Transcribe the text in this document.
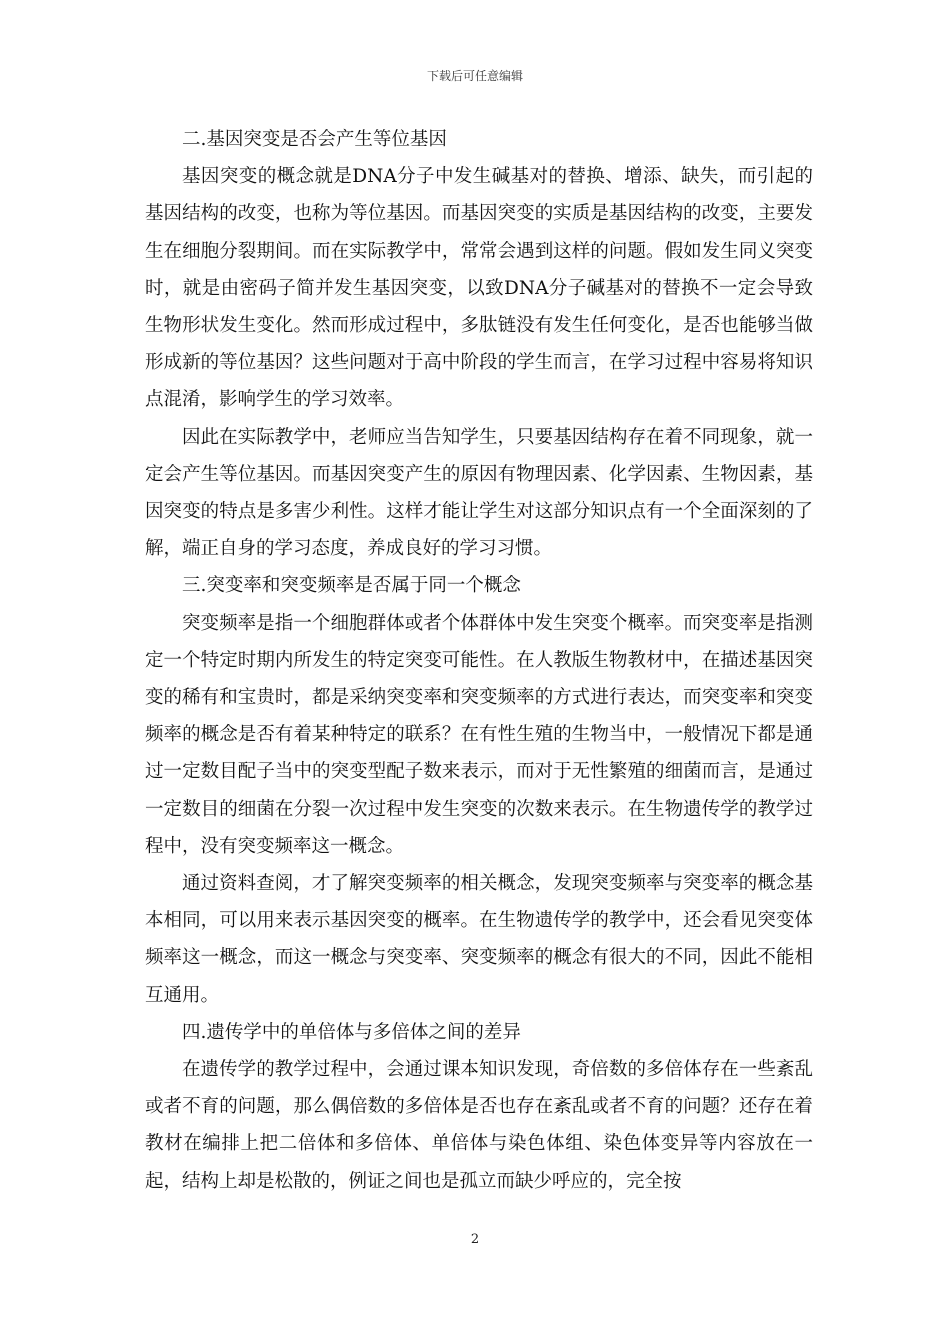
下载后可任意编辑

二.基因突变是否会产生等位基因

基因突变的概念就是DNA分子中发生碱基对的替换、增添、缺失，而引起的基因结构的改变，也称为等位基因。而基因突变的实质是基因结构的改变，主要发生在细胞分裂期间。而在实际教学中，常常会遇到这样的问题。假如发生同义突变时，就是由密码子简并发生基因突变，以致DNA分子碱基对的替换不一定会导致生物形状发生变化。然而形成过程中，多肽链没有发生任何变化，是否也能够当做形成新的等位基因？这些问题对于高中阶段的学生而言，在学习过程中容易将知识点混淆，影响学生的学习效率。

因此在实际教学中，老师应当告知学生，只要基因结构存在着不同现象，就一定会产生等位基因。而基因突变产生的原因有物理因素、化学因素、生物因素，基因突变的特点是多害少利性。这样才能让学生对这部分知识点有一个全面深刻的了解，端正自身的学习态度，养成良好的学习习惯。

三.突变率和突变频率是否属于同一个概念

突变频率是指一个细胞群体或者个体群体中发生突变个概率。而突变率是指测定一个特定时期内所发生的特定突变可能性。在人教版生物教材中，在描述基因突变的稀有和宝贵时，都是采纳突变率和突变频率的方式进行表达，而突变率和突变频率的概念是否有着某种特定的联系？在有性生殖的生物当中，一般情况下都是通过一定数目配子当中的突变型配子数来表示，而对于无性繁殖的细菌而言，是通过一定数目的细菌在分裂一次过程中发生突变的次数来表示。在生物遗传学的教学过程中，没有突变频率这一概念。

通过资料查阅，才了解突变频率的相关概念，发现突变频率与突变率的概念基本相同，可以用来表示基因突变的概率。在生物遗传学的教学中，还会看见突变体频率这一概念，而这一概念与突变率、突变频率的概念有很大的不同，因此不能相互通用。

四.遗传学中的单倍体与多倍体之间的差异

在遗传学的教学过程中，会通过课本知识发现，奇倍数的多倍体存在一些紊乱或者不育的问题，那么偶倍数的多倍体是否也存在紊乱或者不育的问题？还存在着教材在编排上把二倍体和多倍体、单倍体与染色体组、染色体变异等内容放在一起，结构上却是松散的，例证之间也是孤立而缺少呼应的，完全按

2
